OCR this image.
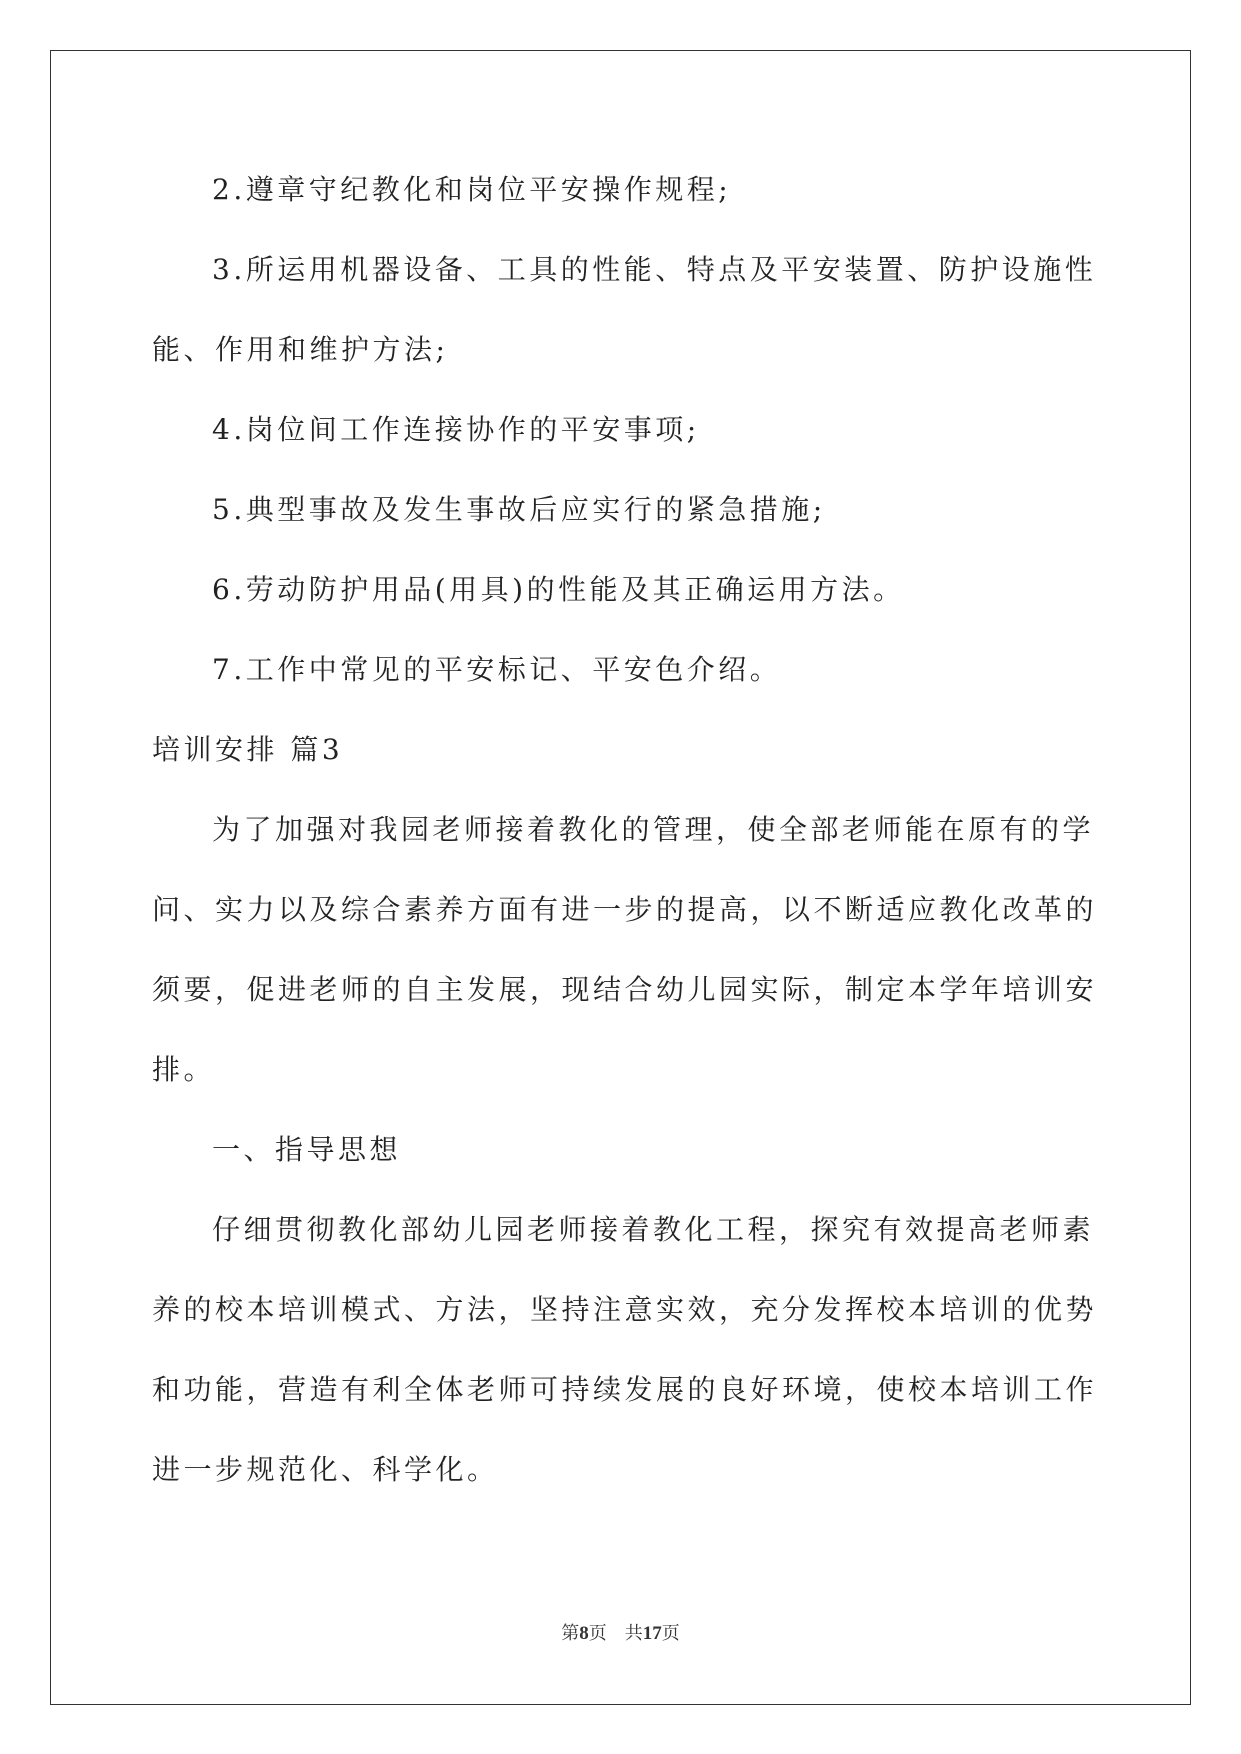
2.遵章守纪教化和岗位平安操作规程;
3.所运用机器设备、工具的性能、特点及平安装置、防护设施性
能、作用和维护方法;
4.岗位间工作连接协作的平安事项;
5.典型事故及发生事故后应实行的紧急措施;
6.劳动防护用品(用具)的性能及其正确运用方法。
7.工作中常见的平安标记、平安色介绍。
培训安排 篇3
为了加强对我园老师接着教化的管理，使全部老师能在原有的学
问、实力以及综合素养方面有进一步的提高，以不断适应教化改革的
须要，促进老师的自主发展，现结合幼儿园实际，制定本学年培训安
排。
一、指导思想
仔细贯彻教化部幼儿园老师接着教化工程，探究有效提高老师素
养的校本培训模式、方法，坚持注意实效，充分发挥校本培训的优势
和功能，营造有利全体老师可持续发展的良好环境，使校本培训工作
进一步规范化、科学化。
第8页　共17页
